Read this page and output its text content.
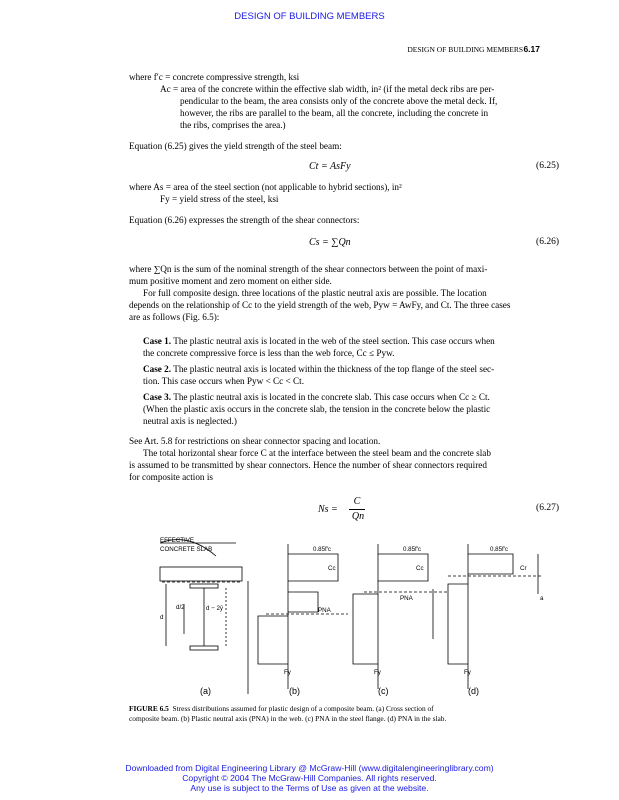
DESIGN OF BUILDING MEMBERS
DESIGN OF BUILDING MEMBERS 6.17
where f′c = concrete compressive strength, ksi
Ac = area of the concrete within the effective slab width, in² (if the metal deck ribs are per-
pendicular to the beam, the area consists only of the concrete above the metal deck. If,
however, the ribs are parallel to the beam, all the concrete, including the concrete in
the ribs, comprises the area.)
Equation (6.25) gives the yield strength of the steel beam:
Ct = AsFy	(6.25)
where As = area of the steel section (not applicable to hybrid sections), in²
Fy = yield stress of the steel, ksi
Equation (6.26) expresses the strength of the shear connectors:
Cs = ∑Qn	(6.26)
where ∑Qn is the sum of the nominal strength of the shear connectors between the point of maxi-
mum positive moment and zero moment on either side.
For full composite design. three locations of the plastic neutral axis are possible. The location
depends on the relationship of Cc to the yield strength of the web, Pyw = AwFy, and Ct. The three cases
are as follows (Fig. 6.5):
Case 1. The plastic neutral axis is located in the web of the steel section. This case occurs when
the concrete compressive force is less than the web force, Cc ≤ Pyw.
Case 2. The plastic neutral axis is located within the thickness of the top flange of the steel sec-
tion. This case occurs when Pyw < Cc < Ct.
Case 3. The plastic neutral axis is located in the concrete slab. This case occurs when Cc ≥ Ct.
(When the plastic axis occurs in the concrete slab, the tension in the concrete below the plastic
neutral axis is neglected.)
See Art. 5.8 for restrictions on shear connector spacing and location.
The total horizontal shear force C at the interface between the steel beam and the concrete slab
is assumed to be transmitted by shear connectors. Hence the number of shear connectors required
for composite action is
Ns =
C
Qn
(6.27)
EFFECTIVE
CONCRETE SLAB	0.85f′c	0.85f′c	0.85f′c
Cc	Cc	Cr
PNA
PNA
Fy	Fy	Fy
d
d/2	d − 2ȳ
a
(a)	(b)	(c)	(d)
FIGURE 6.5 Stress distributions assumed for plastic design of a composite beam. (a) Cross section of
composite beam. (b) Plastic neutral axis (PNA) in the web. (c) PNA in the steel flange. (d) PNA in the slab.
Downloaded from Digital Engineering Library @ McGraw-Hill (www.digitalengineeringlibrary.com)
Copyright © 2004 The McGraw-Hill Companies. All rights reserved.
Any use is subject to the Terms of Use as given at the website.
